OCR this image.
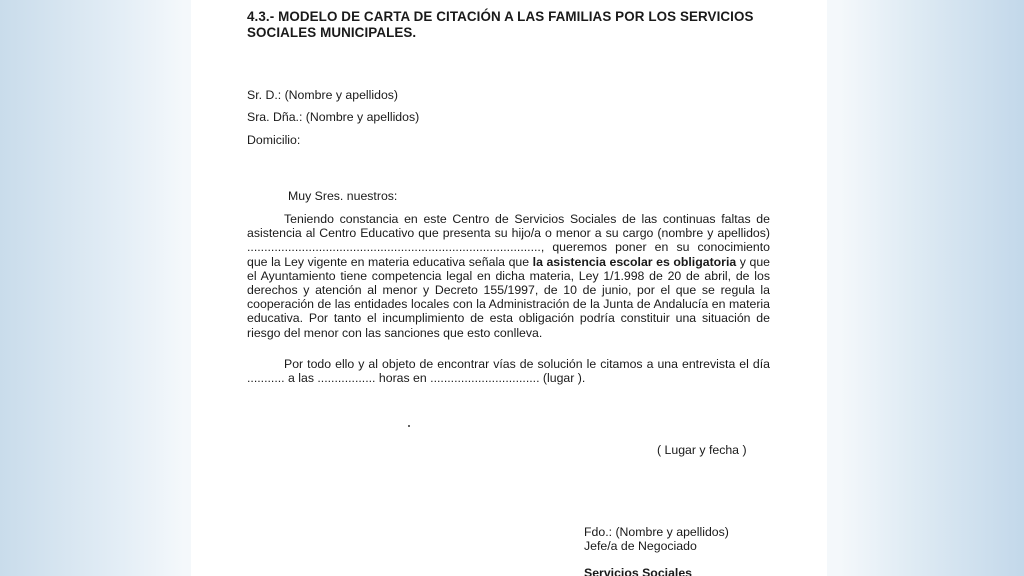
4.3.- MODELO DE CARTA DE CITACIÓN A LAS FAMILIAS POR LOS SERVICIOS SOCIALES MUNICIPALES.
Sr. D.: (Nombre y apellidos)
Sra. Dña.: (Nombre y apellidos)
Domicilio:
Muy Sres. nuestros:
Teniendo constancia en este Centro de Servicios Sociales de las continuas faltas de asistencia al Centro Educativo que presenta su hijo/a o menor a su cargo (nombre y apellidos) ......................................................................................, queremos poner en su conocimiento que la Ley vigente en materia educativa señala que la asistencia escolar es obligatoria y que el Ayuntamiento tiene competencia legal en dicha materia, Ley 1/1.998 de 20 de abril, de los derechos y atención al menor y Decreto 155/1997, de 10 de junio, por el que se regula la cooperación de las entidades locales con la Administración de la Junta de Andalucía en materia educativa. Por tanto el incumplimiento de esta obligación podría constituir una situación de riesgo del menor con las sanciones que esto conlleva.
Por todo ello y al objeto de encontrar vías de solución le citamos a una entrevista el día ........... a las ................. horas en ................................ (lugar ).
( Lugar y fecha )
Fdo.: (Nombre y apellidos)
Jefe/a de Negociado
Servicios Sociales
